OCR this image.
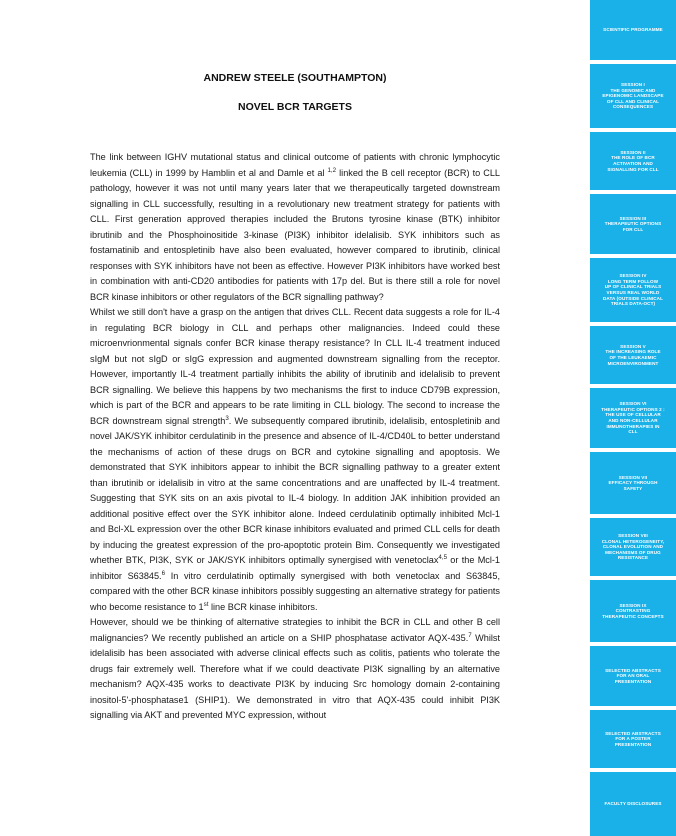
ANDREW STEELE (SOUTHAMPTON)
NOVEL BCR TARGETS

The link between IGHV mutational status and clinical outcome of patients with chronic lymphocytic leukemia (CLL) in 1999 by Hamblin et al and Damle et al $^{1,2}$ linked the B cell receptor (BCR) to CLL pathology, however it was not until many years later that we therapeutically targeted downstream signalling in CLL successfully, resulting in a revolutionary new treatment strategy for patients with CLL. First generation approved therapies included the Brutons tyrosine kinase (BTK) inhibitor ibrutinib and the Phosphoinositide 3-kinase (PI3K) inhibitor idelalisib. SYK inhibitors such as fostamatinib and entospletinib have also been evaluated, however compared to ibrutinib, clinical responses with SYK inhibitors have not been as effective. However PI3K inhibitors have worked best in combination with anti-CD20 antibodies for patients with 17p del. But is there still a role for novel BCR kinase inhibitors or other regulators of the BCR signalling pathway?

Whilst we still don't have a grasp on the antigen that drives CLL. Recent data suggests a role for IL-4 in regulating BCR biology in CLL and perhaps other malignancies. Indeed could these microenvrionmental signals confer BCR kinase therapy resistance? In CLL IL-4 treatment induced sIgM but not sIgD or sIgG expression and augmented downstream signalling from the receptor. However, importantly IL-4 treatment partially inhibits the ability of ibrutinib and idelalisib to prevent BCR signalling. We believe this happens by two mechanisms the first to induce CD79B expression, which is part of the BCR and appears to be rate limiting in CLL biology. The second to increase the BCR downstream signal strength$^3$. We subsequently compared ibrutinib, idelalisib, entospletinib and novel JAK/SYK inhibitor cerdulatinib in the presence and absence of IL-4/CD40L to better understand the mechanisms of action of these drugs on BCR and cytokine signalling and apoptosis. We demonstrated that SYK inhibitors appear to inhibit the BCR signalling pathway to a greater extent than ibrutinib or idelalisib in vitro at the same concentrations and are unaffected by IL-4 treatment. Suggesting that SYK sits on an axis pivotal to IL-4 biology. In addition JAK inhibition provided an additional positive effect over the SYK inhibitor alone. Indeed cerdulatinib optimally inhibited Mcl-1 and Bcl-XL expression over the other BCR kinase inhibitors evaluated and primed CLL cells for death by inducing the greatest expression of the pro-apoptotic protein Bim. Consequently we investigated whether BTK, PI3K, SYK or JAK/SYK inhibitors optimally synergised with venetoclax$^{4,5}$ or the Mcl-1 inhibitor S63845.$^6$ In vitro cerdulatinib optimally synergised with both venetoclax and S63845, compared with the other BCR kinase inhibitors possibly suggesting an alternative strategy for patients who become resistance to 1st line BCR kinase inhibitors.

However, should we be thinking of alternative strategies to inhibit the BCR in CLL and other B cell malignancies? We recently published an article on a SHIP phosphatase activator AQX-435.$^7$ Whilst idelalisib has been associated with adverse clinical effects such as colitis, patients who tolerate the drugs fair extremely well. Therefore what if we could deactivate PI3K signalling by an alternative mechanism? AQX-435 works to deactivate PI3K by inducing Src homology domain 2-containing inositol-5'-phosphatase1 (SHIP1). We demonstrated in vitro that AQX-435 could inhibit PI3K signalling via AKT and prevented MYC expression, without

SCIENTIFIC PROGRAMME
SESSION I
THE GENOMIC AND
EPIGENOMIC LANDSCAPE
OF CLL AND CLINICAL
CONSEQUENCES
SESSION II
THE ROLE OF BCR
ACTIVATION AND
SIGNALLING FOR CLL
SESSION III
THERAPEUTIC OPTIONS
FOR CLL
SESSION IV
LONG TERM FOLLOW
UP OF CLINICAL TRIALS
VERSUS REAL WORLD
DATA (OUTSIDE CLINICAL
TRIALS DATA-OCT)
SESSION V
THE INCREASING ROLE
OF THE LEUKAEMIC
MICROENVIRONMENT
SESSION VI
THERAPEUTIC OPTIONS 2 :
THE USE OF CELLULAR
AND NON-CELLULAR
IMMUNOTHERAPIES IN
CLL
SESSION VII
EFFICACY THROUGH
SAFETY
SESSION VIII
CLONAL HETEROGENEITY,
CLONAL EVOLUTION AND
MECHANISMS OF DRUG
RESISTANCE
SESSION IX
CONTRASTING
THERAPEUTIC CONCEPTS
SELECTED ABSTRACTS
FOR AN ORAL
PRESENTATION
SELECTED ABSTRACTS
FOR A POSTER
PRESENTATION
FACULTY DISCLOSURES
